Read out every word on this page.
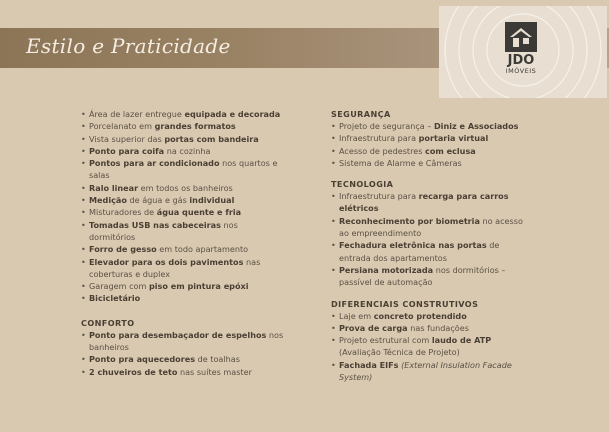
Estilo e Praticidade
JDO
IMÓVEIS
• Área de lazer entregue equipada e decorada
• Porcelanato em grandes formatos
• Vista superior das portas com bandeira
• Ponto para coifa na cozinha
• Pontos para ar condicionado nos quartos e salas
• Ralo linear em todos os banheiros
• Medição de água e gás individual
• Misturadores de água quente e fria
• Tomadas USB nas cabeceiras nos dormitórios
• Forro de gesso em todo apartamento
• Elevador para os dois pavimentos nas coberturas e duplex
• Garagem com piso em pintura epóxi
• Bicicletário
CONFORTO
• Ponto para desembaçador de espelhos nos banheiros
• Ponto pra aquecedores de toalhas
• 2 chuveiros de teto nas suítes master
SEGURANÇA
• Projeto de segurança – Diniz e Associados
• Infraestrutura para portaria virtual
• Acesso de pedestres com eclusa
• Sistema de Alarme e Câmeras
TECNOLOGIA
• Infraestrutura para recarga para carros elétricos
• Reconhecimento por biometria no acesso ao empreendimento
• Fechadura eletrônica nas portas de entrada dos apartamentos
• Persiana motorizada nos dormitórios – passível de automação
DIFERENCIAIS CONSTRUTIVOS
• Laje em concreto protendido
• Prova de carga nas fundações
• Projeto estrutural com laudo de ATP (Avaliação Técnica de Projeto)
• Fachada EIFs (External Insulation Facade System)
